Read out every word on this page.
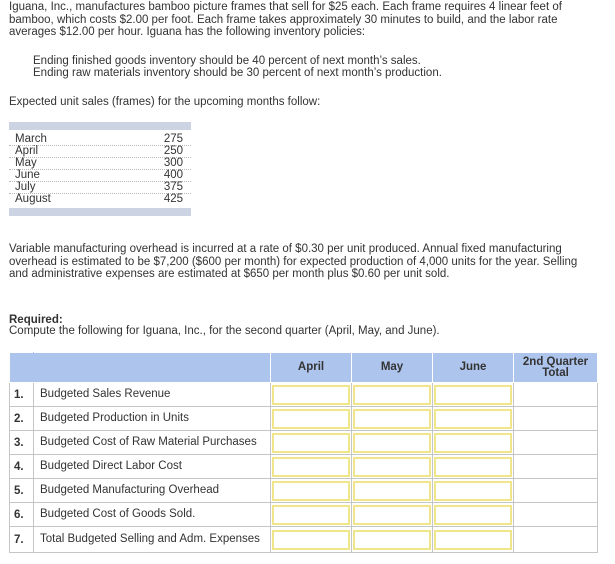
Iguana, Inc., manufactures bamboo picture frames that sell for $25 each. Each frame requires 4 linear feet of bamboo, which costs $2.00 per foot. Each frame takes approximately 30 minutes to build, and the labor rate averages $12.00 per hour. Iguana has the following inventory policies:

Ending finished goods inventory should be 40 percent of next month’s sales.

Ending raw materials inventory should be 30 percent of next month’s production.

Expected unit sales (frames) for the upcoming months follow:

March	275
April	250
May	300
June	400
July	375
August	425

Variable manufacturing overhead is incurred at a rate of $0.30 per unit produced. Annual fixed manufacturing overhead is estimated to be $7,200 ($600 per month) for expected production of 4,000 units for the year. Selling and administrative expenses are estimated at $650 per month plus $0.60 per unit sold.

Required:

Compute the following for Iguana, Inc., for the second quarter (April, May, and June).

		April	May	June	2nd Quarter Total
1.	Budgeted Sales Revenue	

2.	Budgeted Production in Units	

3.	Budgeted Cost of Raw Material Purchases	

4.	Budgeted Direct Labor Cost	

5.	Budgeted Manufacturing Overhead	

6.	Budgeted Cost of Goods Sold.	

7.	Total Budgeted Selling and Adm. Expenses	
